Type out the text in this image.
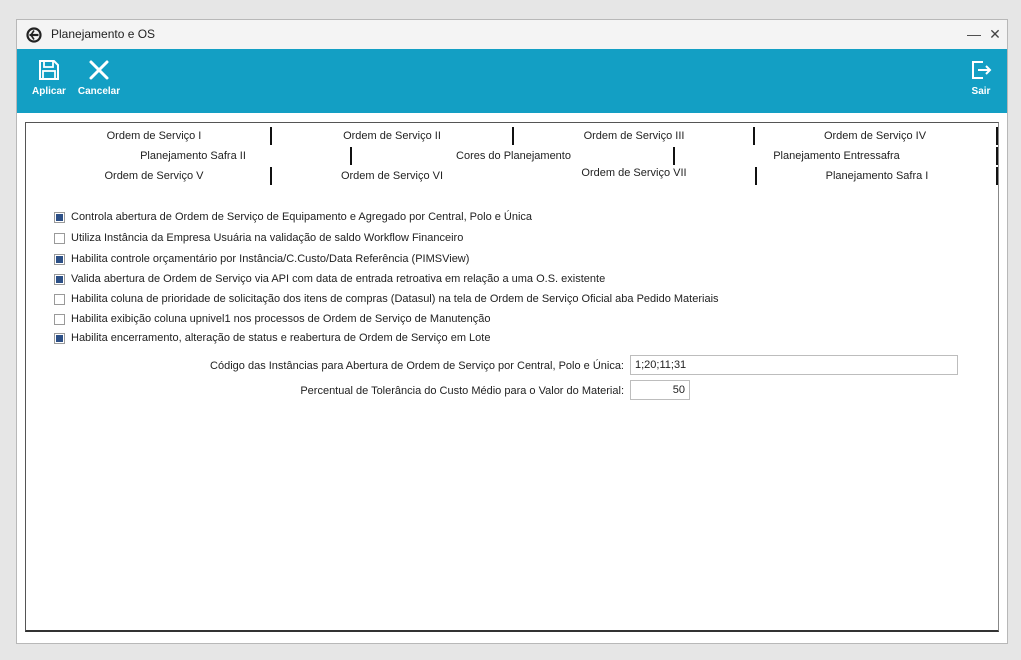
Planejamento e OS	— ✕
Aplicar Cancelar	Sair
Ordem de Serviço I	Ordem de Serviço II	Ordem de Serviço III	Ordem de Serviço IV
Planejamento Safra II	Cores do Planejamento	Planejamento Entressafra
Ordem de Serviço V	Ordem de Serviço VI	Ordem de Serviço VII	Planejamento Safra I
Controla abertura de Ordem de Serviço de Equipamento e Agregado por Central, Polo e Única
Utiliza Instância da Empresa Usuária na validação de saldo Workflow Financeiro
Habilita controle orçamentário por Instância/C.Custo/Data Referência (PIMSView)
Valida abertura de Ordem de Serviço via API com data de entrada retroativa em relação a uma O.S. existente
Habilita coluna de prioridade de solicitação dos itens de compras (Datasul) na tela de Ordem de Serviço Oficial aba Pedido Materiais
Habilita exibição coluna upnivel1 nos processos de Ordem de Serviço de Manutenção
Habilita encerramento, alteração de status e reabertura de Ordem de Serviço em Lote
Código das Instâncias para Abertura de Ordem de Serviço por Central, Polo e Única:	1;20;11;31
Percentual de Tolerância do Custo Médio para o Valor do Material:	50
